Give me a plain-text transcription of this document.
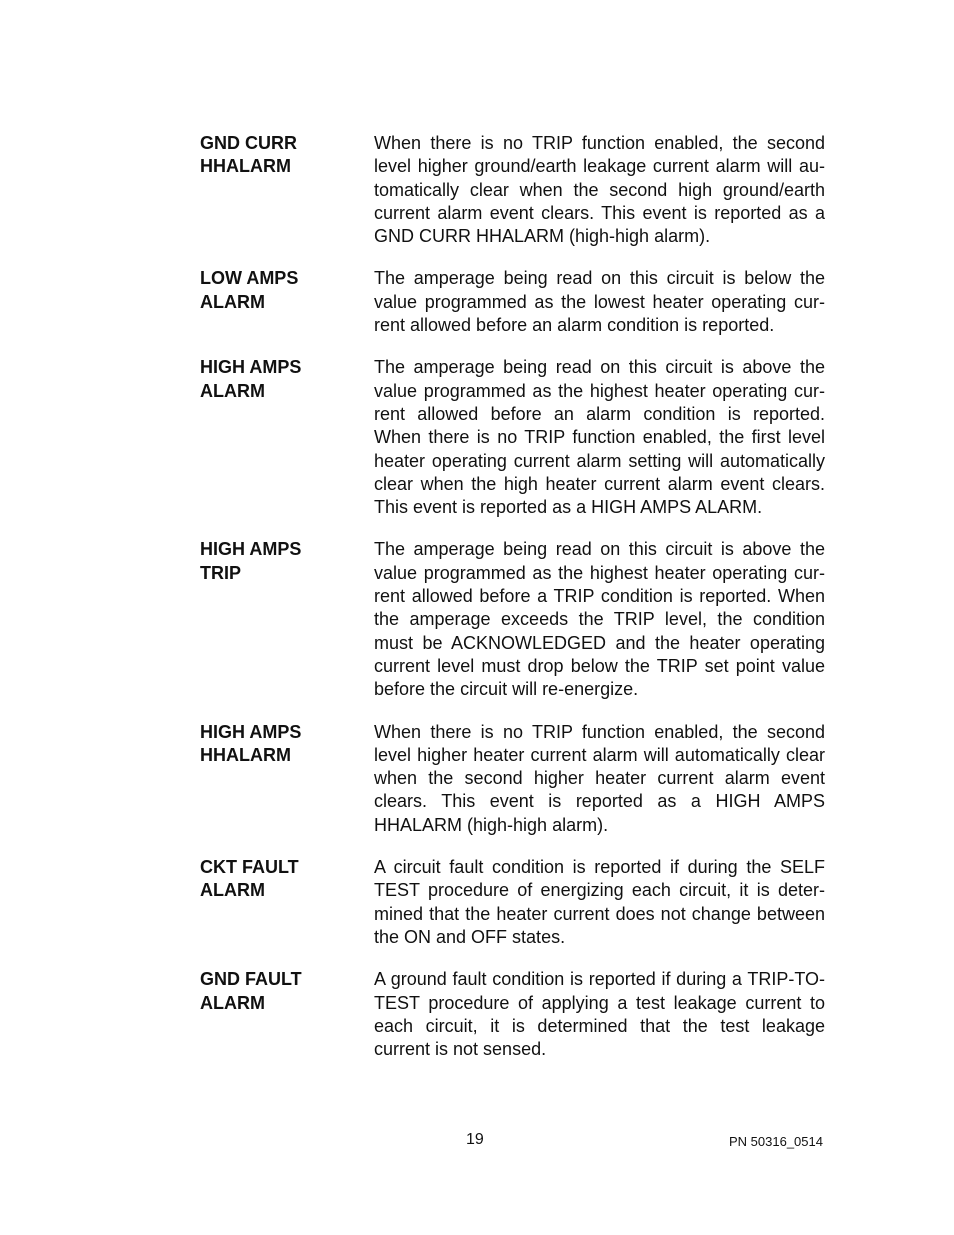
GND CURR
HHALARM
When there is no TRIP function enabled, the second level higher ground/earth leakage current alarm will automatically clear when the second high ground/earth current alarm event clears. This event is reported as a GND CURR HHALARM (high-high alarm).
LOW AMPS
ALARM
The amperage being read on this circuit is below the value programmed as the lowest heater operating current allowed before an alarm condition is reported.
HIGH AMPS
ALARM
The amperage being read on this circuit is above the value programmed as the highest heater operating current allowed before an alarm condition is reported. When there is no TRIP function enabled, the first level heater operating current alarm setting will automatically clear when the high heater current alarm event clears. This event is reported as a HIGH AMPS ALARM.
HIGH AMPS
TRIP
The amperage being read on this circuit is above the value programmed as the highest heater operating current allowed before a TRIP condition is reported. When the amperage exceeds the TRIP level, the condition must be ACKNOWLEDGED and the heater operating current level must drop below the TRIP set point value before the circuit will re-energize.
HIGH AMPS
HHALARM
When there is no TRIP function enabled, the second level higher heater current alarm will automatically clear when the second higher heater current alarm event clears. This event is reported as a HIGH AMPS HHALARM (high-high alarm).
CKT FAULT
ALARM
A circuit fault condition is reported if during the SELF TEST procedure of energizing each circuit, it is determined that the heater current does not change between the ON and OFF states.
GND FAULT
ALARM
A ground fault condition is reported if during a TRIP-TO-TEST procedure of applying a test leakage current to each circuit, it is determined that the test leakage current is not sensed.
19	PN 50316_0514
